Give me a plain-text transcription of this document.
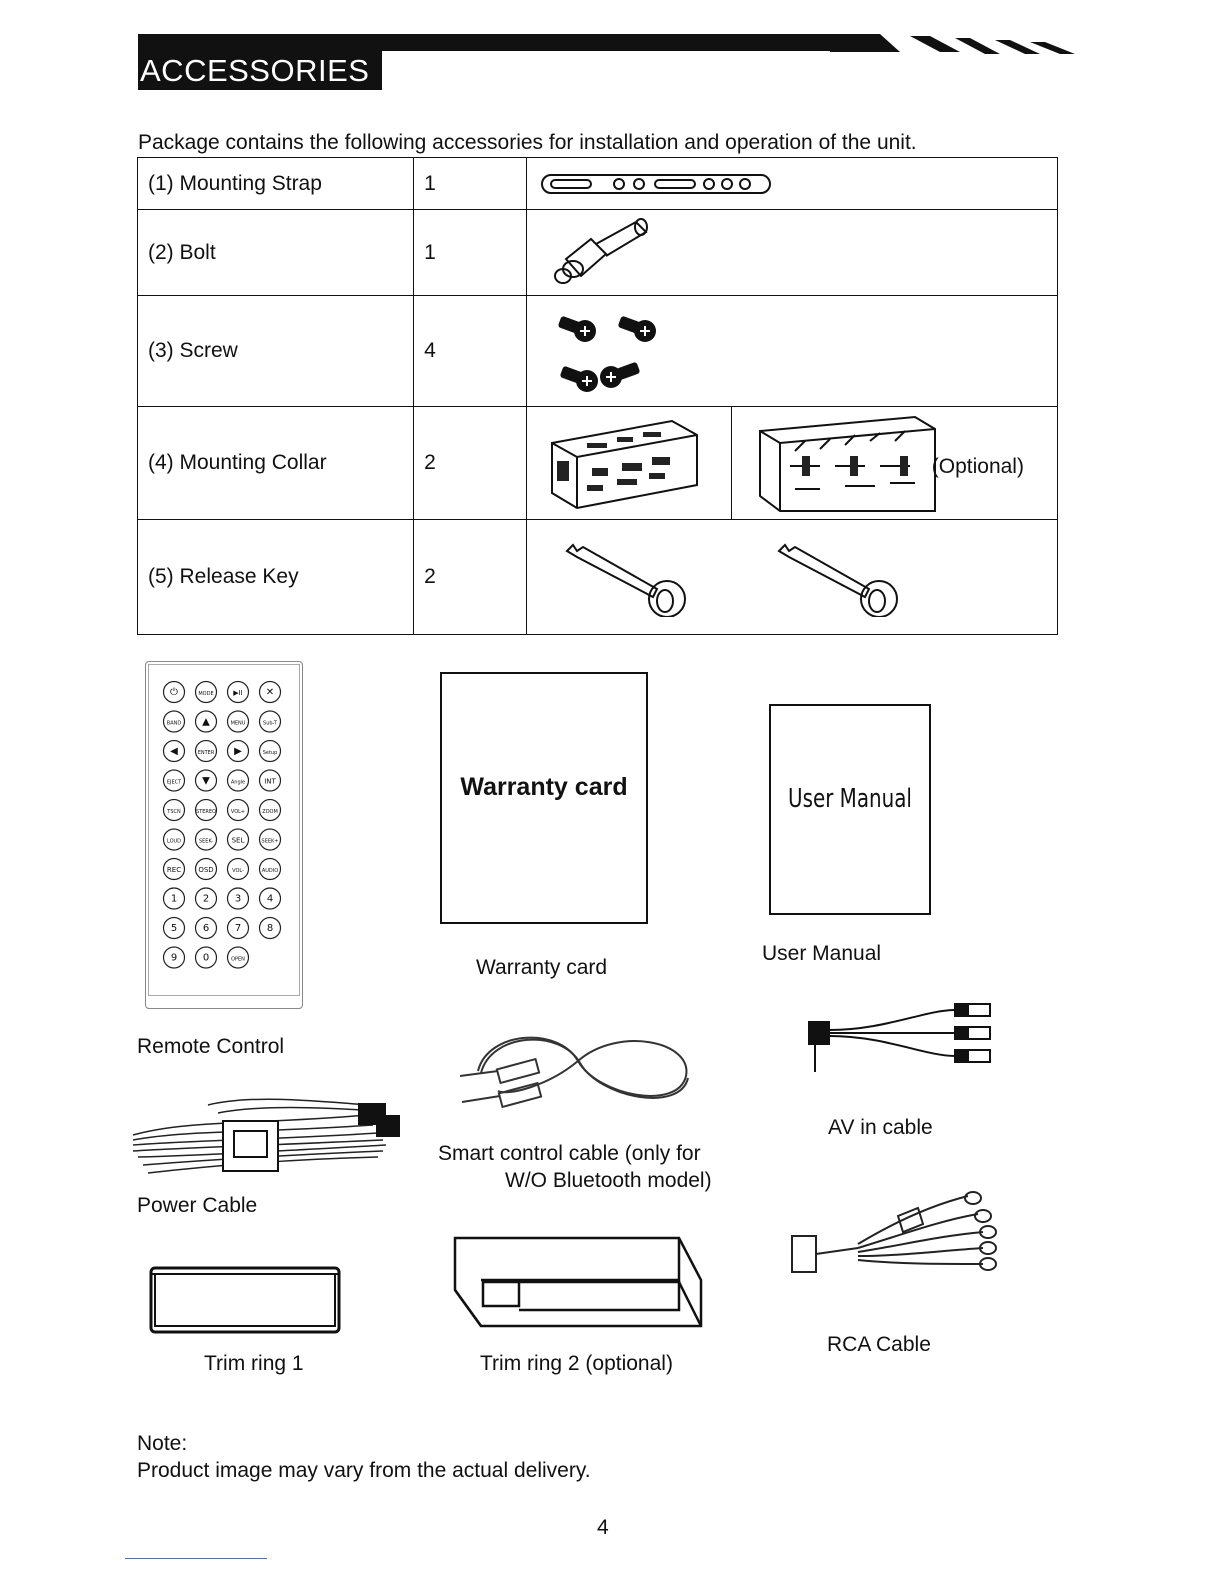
ACCESSORIES
Package contains the following accessories for installation and operation of the unit.
(1) Mounting Strap	1	

(2) Bolt	1	

(3) Screw	4	

(4) Mounting Collar	2		(Optional)

(5) Release Key	2	
⏻	MODE	▶II ✕
BAND ▲	MENU	Sub-T
◀	ENTER ▶	Setup
EJECT ▼	Angle	INT
TSCN	STEREO	VOL+	ZOOM
LOUD	SEEK-	SEL	SEEK+
REC OSD	VOL-	AUDIO
1	2	3	4
5	6	7	8
9	0	OPEN
Remote Control
Warranty card
Warranty card
User Manual
User Manual
Smart control cable (only for
W/O Bluetooth model)
AV in cable
Power Cable
RCA Cable
Trim ring 1	Trim ring 2 (optional)
Note:
Product image may vary from the actual delivery.
4
